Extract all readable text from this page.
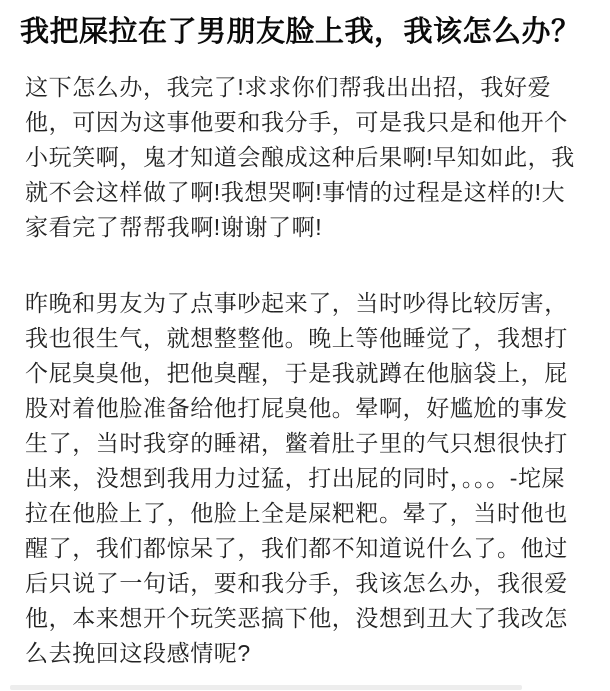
我把屎拉在了男朋友脸上我，我该怎么办？

这下怎么办，我完了!求求你们帮我出出招，我好爱他，可因为这事他要和我分手，可是我只是和他开个小玩笑啊，鬼才知道会酿成这种后果啊!早知如此，我就不会这样做了啊!我想哭啊!事情的过程是这样的!大家看完了帮帮我啊!谢谢了啊!

昨晚和男友为了点事吵起来了，当时吵得比较厉害，我也很生气，就想整整他。晚上等他睡觉了，我想打个屁臭臭他，把他臭醒，于是我就蹲在他脑袋上，屁股对着他脸准备给他打屁臭他。晕啊，好尴尬的事发生了，当时我穿的睡裙，鳖着肚子里的气只想很快打出来，没想到我用力过猛，打出屁的同时，。。。-坨屎拉在他脸上了，他脸上全是屎粑粑。晕了，当时他也醒了，我们都惊呆了，我们都不知道说什么了。他过后只说了一句话，要和我分手，我该怎么办，我很爱他，本来想开个玩笑恶搞下他，没想到丑大了我改怎么去挽回这段感情呢?
